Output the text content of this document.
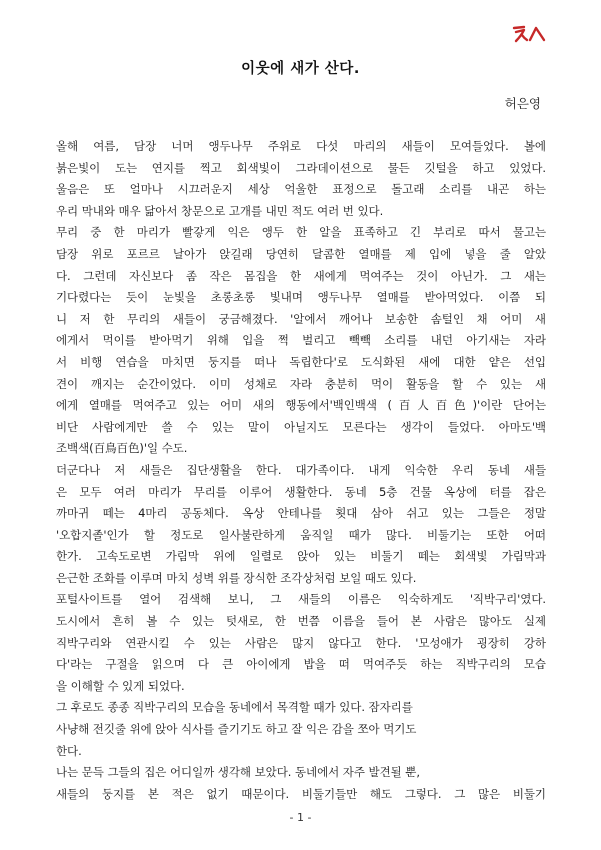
이웃에 새가 산다.
허은영
올해 여름, 담장 너머 앵두나무 주위로 다섯 마리의 새들이 모여들었다. 볼에
붉은빛이 도는 연지를 찍고 회색빛이 그라데이션으로 물든 깃털을 하고 있었다.
울음은 또 얼마나 시끄러운지 세상 억울한 표정으로 돌고래 소리를 내곤 하는
우리 막내와 매우 닮아서 창문으로 고개를 내민 적도 여러 번 있다.
무리 중 한 마리가 빨갛게 익은 앵두 한 알을 표족하고 긴 부리로 따서 물고는
담장 위로 포르르 날아가 앉길래 당연히 달콤한 열매를 제 입에 넣을 줄 알았
다. 그런데 자신보다 좀 작은 몸집을 한 새에게 먹여주는 것이 아닌가. 그 새는
기다렸다는 듯이 눈빛을 초롱초롱 빛내며 앵두나무 열매를 받아먹었다. 이쯤 되
니 저 한 무리의 새들이 궁금해졌다. '알에서 깨어나 보송한 솜털인 채 어미 새
에게서 먹이를 받아먹기 위해 입을 쩍 벌리고 빽빽 소리를 내던 아기새는 자라
서 비행 연습을 마치면 둥지를 떠나 독립한다'로 도식화된 새에 대한 얕은 선입
견이 깨지는 순간이었다. 이미 성채로 자라 충분히 먹이 활동을 할 수 있는 새
에게 열매를 먹여주고 있는 어미 새의 행동에서'백인백색 (百人百色)'이란 단어는
비단 사람에게만 쓸 수 있는 말이 아닐지도 모른다는 생각이 들었다. 아마도'백
조백색(百鳥百色)'일 수도.
더군다나 저 새들은 집단생활을 한다. 대가족이다. 내게 익숙한 우리 동네 새들
은 모두 여러 마리가 무리를 이루어 생활한다. 동네 5층 건물 옥상에 터를 잡은
까마귀 떼는 4마리 공동체다. 옥상 안테나를 횟대 삼아 쉬고 있는 그들은 정말
'오합지졸'인가 할 정도로 일사불란하게 움직일 때가 많다. 비둘기는 또한 어떠
한가. 고속도로변 가림막 위에 일렬로 앉아 있는 비둘기 떼는 회색빛 가림막과
은근한 조화를 이루며 마치 성벽 위를 장식한 조각상처럼 보일 때도 있다.
포털사이트를 열어 검색해 보니, 그 새들의 이름은 익숙하게도 '직박구리'였다.
도시에서 흔히 볼 수 있는 텃새로, 한 번쯤 이름을 들어 본 사람은 많아도 실제
직박구리와 연관시킬 수 있는 사람은 많지 않다고 한다. '모성애가 굉장히 강하
다'라는 구절을 읽으며 다 큰 아이에게 밥을 떠 먹여주듯 하는 직박구리의 모습
을 이해할 수 있게 되었다.
그 후로도 종종 직박구리의 모습을 동네에서 목격할 때가 있다. 잠자리를
사냥해 전깃줄 위에 앉아 식사를 즐기기도 하고 잘 익은 감을 쪼아 먹기도
한다.
나는 문득 그들의 집은 어디일까 생각해 보았다. 동네에서 자주 발견될 뿐,
새들의 둥지를 본 적은 없기 때문이다. 비둘기들만 해도 그렇다. 그 많은 비둘기
- 1 -
